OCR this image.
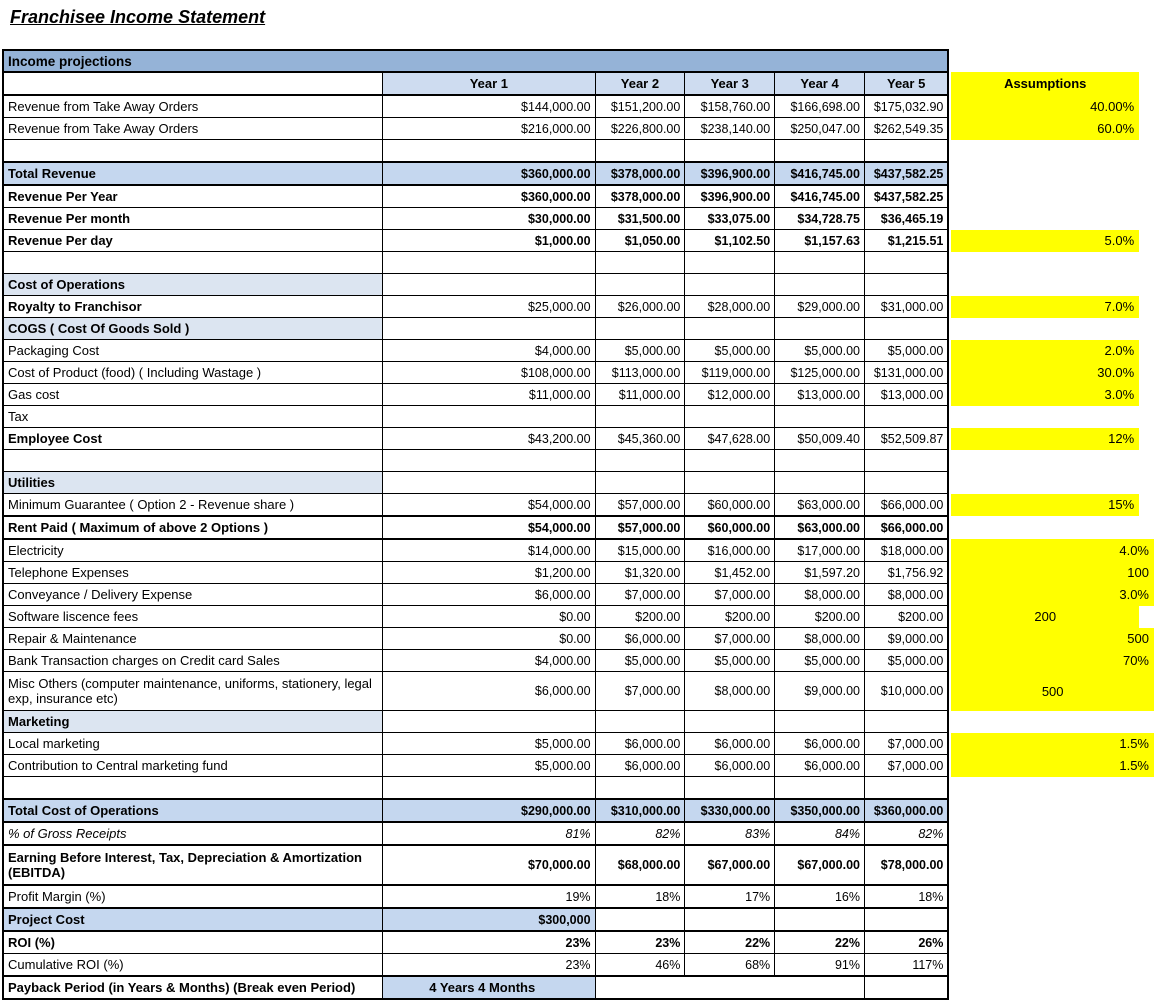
Franchisee Income Statement
Income projections								
	Year 1	Year 2	Year 3	Year 4	Year 5		Assumptions	
Revenue from Take Away Orders	$144,000.00	$151,200.00	$158,760.00	$166,698.00	$175,032.90		40.00%	
Revenue from Take Away Orders	$216,000.00	$226,800.00	$238,140.00	$250,047.00	$262,549.35		60.0%	

Total Revenue	$360,000.00	$378,000.00	$396,900.00	$416,745.00	$437,582.25			
Revenue Per Year	$360,000.00	$378,000.00	$396,900.00	$416,745.00	$437,582.25			
Revenue Per month	$30,000.00	$31,500.00	$33,075.00	$34,728.75	$36,465.19			
Revenue Per day	$1,000.00	$1,050.00	$1,102.50	$1,157.63	$1,215.51		5.0%	

Cost of Operations								
Royalty to Franchisor	$25,000.00	$26,000.00	$28,000.00	$29,000.00	$31,000.00		7.0%	
COGS ( Cost Of Goods Sold )								
Packaging Cost	$4,000.00	$5,000.00	$5,000.00	$5,000.00	$5,000.00		2.0%	
Cost of Product (food) ( Including Wastage )	$108,000.00	$113,000.00	$119,000.00	$125,000.00	$131,000.00		30.0%	
Gas cost	$11,000.00	$11,000.00	$12,000.00	$13,000.00	$13,000.00		3.0%	
Tax								
Employee Cost	$43,200.00	$45,360.00	$47,628.00	$50,009.40	$52,509.87		12%	

Utilities								
Minimum Guarantee ( Option 2 - Revenue share )	$54,000.00	$57,000.00	$60,000.00	$63,000.00	$66,000.00		15%	
Rent Paid ( Maximum of above 2 Options )	$54,000.00	$57,000.00	$60,000.00	$63,000.00	$66,000.00			
Electricity	$14,000.00	$15,000.00	$16,000.00	$17,000.00	$18,000.00		4.0%	
Telephone Expenses	$1,200.00	$1,320.00	$1,452.00	$1,597.20	$1,756.92		100	
Conveyance / Delivery Expense	$6,000.00	$7,000.00	$7,000.00	$8,000.00	$8,000.00		3.0%	
Software liscence fees	$0.00	$200.00	$200.00	$200.00	$200.00		200	
Repair & Maintenance	$0.00	$6,000.00	$7,000.00	$8,000.00	$9,000.00		500	
Bank Transaction charges on Credit card Sales	$4,000.00	$5,000.00	$5,000.00	$5,000.00	$5,000.00		70%	
Misc Others (computer maintenance, uniforms, stationery, legal exp, insurance etc)	$6,000.00	$7,000.00	$8,000.00	$9,000.00	$10,000.00		500	
Marketing								
Local marketing	$5,000.00	$6,000.00	$6,000.00	$6,000.00	$7,000.00		1.5%	
Contribution to Central marketing fund	$5,000.00	$6,000.00	$6,000.00	$6,000.00	$7,000.00		1.5%	

Total Cost of Operations	$290,000.00	$310,000.00	$330,000.00	$350,000.00	$360,000.00			
% of Gross Receipts	81%	82%	83%	84%	82%			
Earning Before Interest, Tax, Depreciation & Amortization (EBITDA)	$70,000.00	$68,000.00	$67,000.00	$67,000.00	$78,000.00			
Profit Margin (%)	19%	18%	17%	16%	18%			
Project Cost	$300,000							
ROI (%)	23%	23%	22%	22%	26%			
Cumulative ROI (%)	23%	46%	68%	91%	117%			
Payback Period (in Years & Months) (Break even Period)	4 Years 4 Months							
